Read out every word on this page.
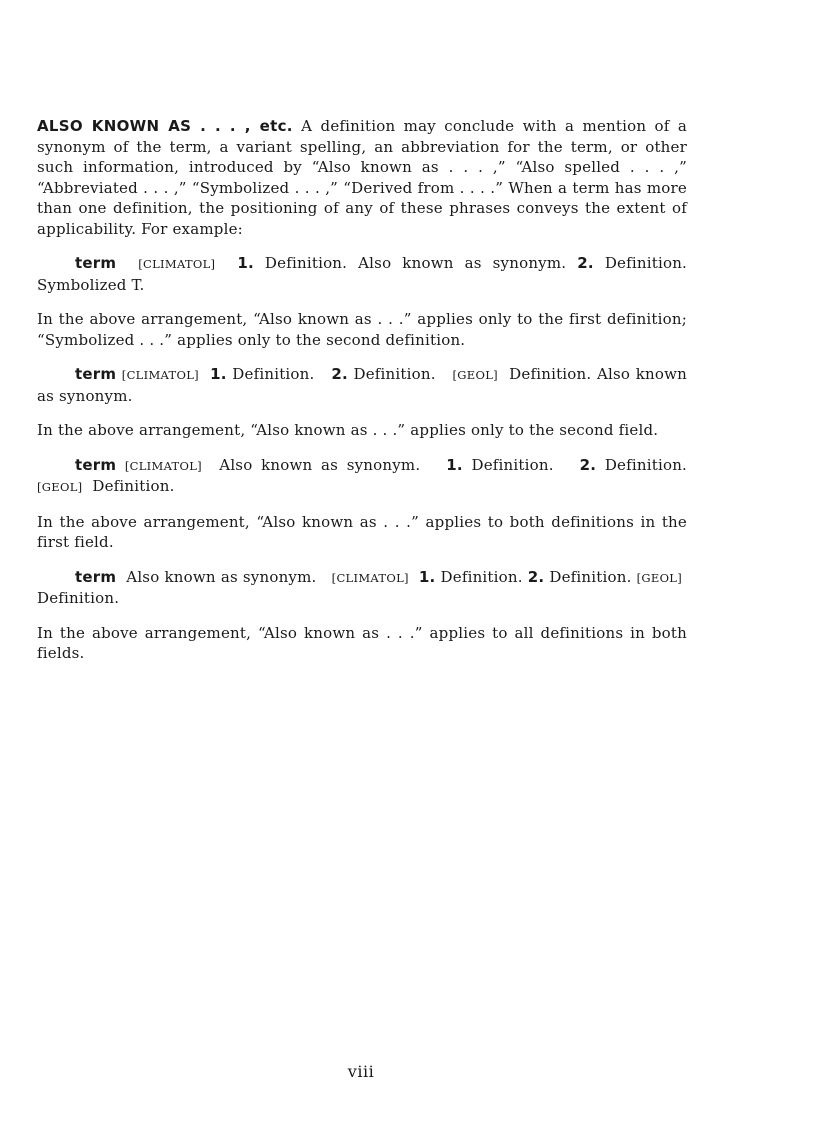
ALSO KNOWN AS . . . , etc. A definition may conclude with a mention of a synonym of the term, a variant spelling, an abbreviation for the term, or other such information, introduced by “Also known as . . . ,” “Also spelled . . . ,” “Abbreviated . . . ,” “Symbolized . . . ,” “Derived from . . . .” When a term has more than one definition, the positioning of any of these phrases conveys the extent of applicability. For example:

term [CLIMATOL] 1. Definition. Also known as synonym. 2. Definition. Symbolized T.

In the above arrangement, “Also known as . . .” applies only to the first definition; “Symbolized . . .” applies only to the second definition.

term [CLIMATOL] 1. Definition.   2. Definition.   [GEOL]  Definition. Also known as synonym.

In the above arrangement, “Also known as . . .” applies only to the second field.

term [CLIMATOL]  Also known as synonym.   1. Definition.   2. Definition. [GEOL]  Definition.

In the above arrangement, “Also known as . . .” applies to both definitions in the first field.

term  Also known as synonym.   [CLIMATOL] 1. Definition. 2. Definition. [GEOL]  Definition.

In the above arrangement, “Also known as . . .” applies to all definitions in both fields.

viii
